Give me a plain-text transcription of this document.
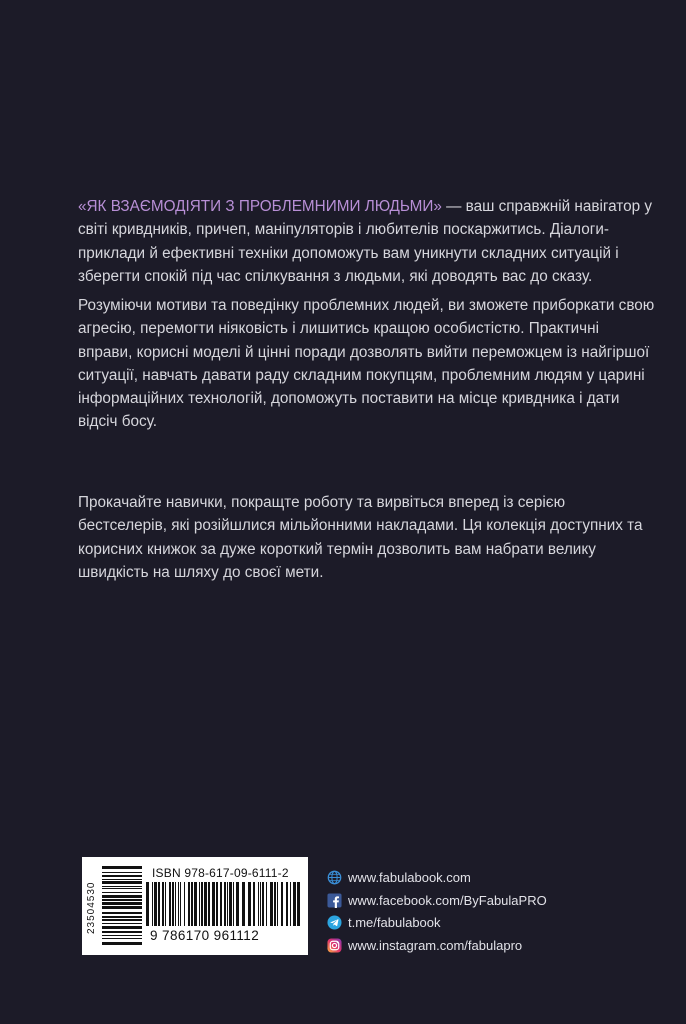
«ЯК ВЗАЄМОДІЯТИ З ПРОБЛЕМНИМИ ЛЮДЬМИ» — ваш справжній навігатор у світі кривдників, причеп, маніпуляторів і любителів поскаржитись. Діалоги-приклади й ефективні техніки допоможуть вам уникнути складних ситуацій і зберегти спокій під час спілкування з людьми, які доводять вас до сказу.

Розуміючи мотиви та поведінку проблемних людей, ви зможете приборкати свою агресію, перемогти ніяковість і лишитись кращою особистістю. Практичні вправи, корисні моделі й цінні поради дозволять вийти переможцем із найгіршої ситуації, навчать давати раду складним покупцям, проблемним людям у царині інформаційних технологій, допоможуть поставити на місце кривдника і дати відсіч босу.

Прокачайте навички, покращте роботу та вирвіться вперед із серією бестселерів, які розійшлися мільйонними накладами. Ця колекція доступних та корисних книжок за дуже короткий термін дозволить вам набрати велику швидкість на шляху до своєї мети.

ISBN 978-617-09-6111-2
23504530
9 786170 961112
www.fabulabook.com
www.facebook.com/ByFabulaPRO
t.me/fabulabook
www.instagram.com/fabulapro
